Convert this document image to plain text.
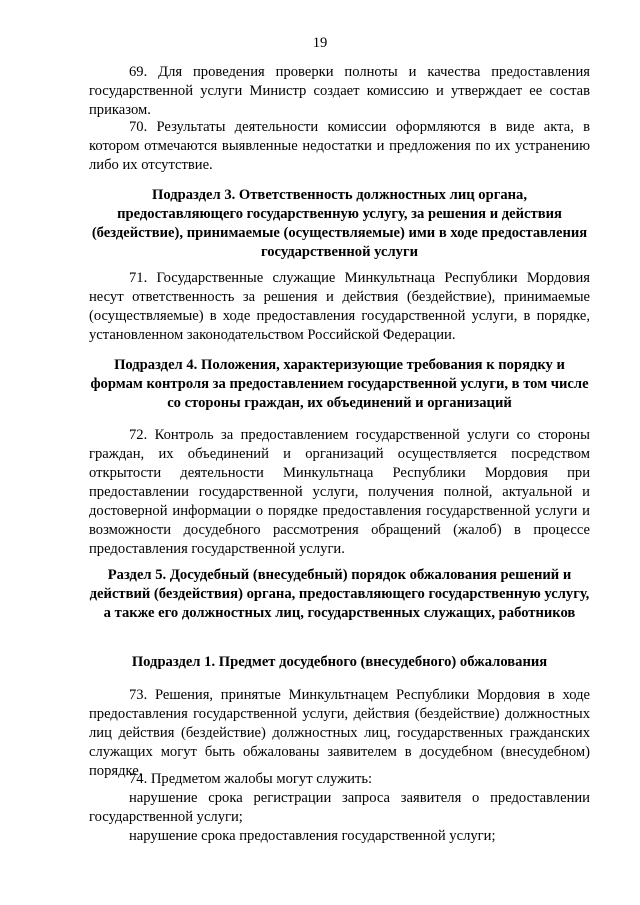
19

69. Для проведения проверки полноты и качества предоставления государственной услуги Министр создает комиссию и утверждает ее состав приказом.

70. Результаты деятельности комиссии оформляются в виде акта, в котором отмечаются выявленные недостатки и предложения по их устранению либо их отсутствие.

Подраздел 3. Ответственность должностных лиц органа, предоставляющего государственную услугу, за решения и действия (бездействие), принимаемые (осуществляемые) ими в ходе предоставления государственной услуги

71. Государственные служащие Минкультнаца Республики Мордовия несут ответственность за решения и действия (бездействие), принимаемые (осуществляемые) в ходе предоставления государственной услуги, в порядке, установленном законодательством Российской Федерации.

Подраздел 4. Положения, характеризующие требования к порядку и формам контроля за предоставлением государственной услуги, в том числе со стороны граждан, их объединений и организаций

72. Контроль за предоставлением государственной услуги со стороны граждан, их объединений и организаций осуществляется посредством открытости деятельности Минкультнаца Республики Мордовия при предоставлении государственной услуги, получения полной, актуальной и достоверной информации о порядке предоставления государственной услуги и возможности досудебного рассмотрения обращений (жалоб) в процессе предоставления государственной услуги.

Раздел 5. Досудебный (внесудебный) порядок обжалования решений и действий (бездействия) органа, предоставляющего государственную услугу, а также его должностных лиц, государственных служащих, работников
Подраздел 1. Предмет досудебного (внесудебного) обжалования

73. Решения, принятые Минкультнацем Республики Мордовия в ходе предоставления государственной услуги, действия (бездействие) должностных лиц действия (бездействие) должностных лиц, государственных гражданских служащих могут быть обжалованы заявителем в досудебном (внесудебном) порядке.

74. Предметом жалобы могут служить:

нарушение срока регистрации запроса заявителя о предоставлении государственной услуги;

нарушение срока предоставления государственной услуги;
